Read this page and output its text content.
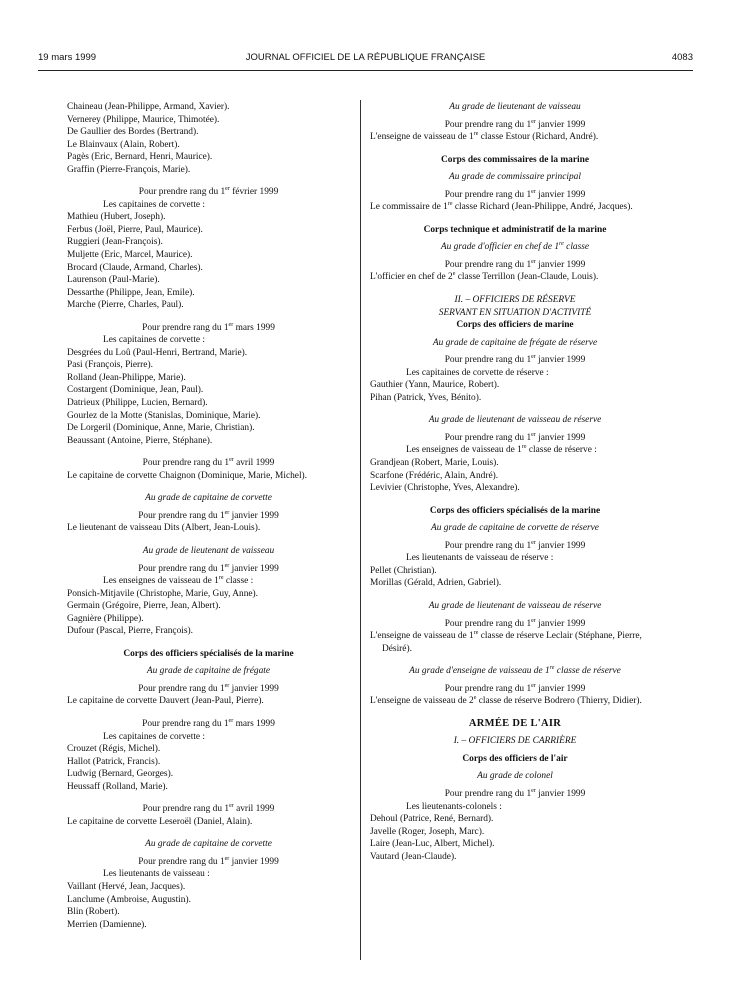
19 mars 1999	JOURNAL OFFICIEL DE LA RÉPUBLIQUE FRANÇAISE	4083

Chaineau (Jean-Philippe, Armand, Xavier).

Vernerey (Philippe, Maurice, Thimotée).

De Gaullier des Bordes (Bertrand).

Le Blainvaux (Alain, Robert).

Pagès (Eric, Bernard, Henri, Maurice).

Graffin (Pierre-François, Marie).

Pour prendre rang du 1er février 1999

Les capitaines de corvette :

Mathieu (Hubert, Joseph).

Ferbus (Joël, Pierre, Paul, Maurice).

Ruggieri (Jean-François).

Muljette (Eric, Marcel, Maurice).

Brocard (Claude, Armand, Charles).

Laurenson (Paul-Marie).

Dessarthe (Philippe, Jean, Emile).

Marche (Pierre, Charles, Paul).

Pour prendre rang du 1er mars 1999

Les capitaines de corvette :

Desgrées du Loû (Paul-Henri, Bertrand, Marie).

Pasi (François, Pierre).

Rolland (Jean-Philippe, Marie).

Costargent (Dominique, Jean, Paul).

Datrieux (Philippe, Lucien, Bernard).

Gourlez de la Motte (Stanislas, Dominique, Marie).

De Lorgeril (Dominique, Anne, Marie, Christian).

Beaussant (Antoine, Pierre, Stéphane).

Pour prendre rang du 1er avril 1999

Le capitaine de corvette Chaignon (Dominique, Marie, Michel).

Au grade de capitaine de corvette

Pour prendre rang du 1er janvier 1999

Le lieutenant de vaisseau Dits (Albert, Jean-Louis).

Au grade de lieutenant de vaisseau

Pour prendre rang du 1er janvier 1999

Les enseignes de vaisseau de 1re classe :

Ponsich-Mitjavile (Christophe, Marie, Guy, Anne).

Germain (Grégoire, Pierre, Jean, Albert).

Gagnière (Philippe).

Dufour (Pascal, Pierre, François).

Corps des officiers spécialisés de la marine

Au grade de capitaine de frégate

Pour prendre rang du 1er janvier 1999

Le capitaine de corvette Dauvert (Jean-Paul, Pierre).

Pour prendre rang du 1er mars 1999

Les capitaines de corvette :

Crouzet (Régis, Michel).

Hallot (Patrick, Francis).

Ludwig (Bernard, Georges).

Heussaff (Rolland, Marie).

Pour prendre rang du 1er avril 1999

Le capitaine de corvette Leseroël (Daniel, Alain).

Au grade de capitaine de corvette

Pour prendre rang du 1er janvier 1999

Les lieutenants de vaisseau :

Vaillant (Hervé, Jean, Jacques).

Lanclume (Ambroise, Augustin).

Blin (Robert).

Merrien (Damienne).

Au grade de lieutenant de vaisseau

Pour prendre rang du 1er janvier 1999

L'enseigne de vaisseau de 1re classe Estour (Richard, André).

Corps des commissaires de la marine

Au grade de commissaire principal

Pour prendre rang du 1er janvier 1999

Le commissaire de 1re classe Richard (Jean-Philippe, André, Jacques).

Corps technique et administratif de la marine

Au grade d'officier en chef de 1re classe

Pour prendre rang du 1er janvier 1999

L'officier en chef de 2e classe Terrillon (Jean-Claude, Louis).

II. – OFFICIERS DE RÉSERVE

SERVANT EN SITUATION D'ACTIVITÉ

Corps des officiers de marine

Au grade de capitaine de frégate de réserve

Pour prendre rang du 1er janvier 1999

Les capitaines de corvette de réserve :

Gauthier (Yann, Maurice, Robert).

Pihan (Patrick, Yves, Bénito).

Au grade de lieutenant de vaisseau de réserve

Pour prendre rang du 1er janvier 1999

Les enseignes de vaisseau de 1re classe de réserve :

Grandjean (Robert, Marie, Louis).

Scarfone (Frédéric, Alain, André).

Levivier (Christophe, Yves, Alexandre).

Corps des officiers spécialisés de la marine

Au grade de capitaine de corvette de réserve

Pour prendre rang du 1er janvier 1999

Les lieutenants de vaisseau de réserve :

Pellet (Christian).

Morillas (Gérald, Adrien, Gabriel).

Au grade de lieutenant de vaisseau de réserve

Pour prendre rang du 1er janvier 1999

L'enseigne de vaisseau de 1re classe de réserve Leclair (Stéphane, Pierre, Désiré).

Au grade d'enseigne de vaisseau de 1re classe de réserve

Pour prendre rang du 1er janvier 1999

L'enseigne de vaisseau de 2e classe de réserve Bodrero (Thierry, Didier).

ARMÉE DE L'AIR

I. – OFFICIERS DE CARRIÈRE

Corps des officiers de l'air

Au grade de colonel

Pour prendre rang du 1er janvier 1999

Les lieutenants-colonels :

Dehoul (Patrice, René, Bernard).

Javelle (Roger, Joseph, Marc).

Laire (Jean-Luc, Albert, Michel).

Vautard (Jean-Claude).
